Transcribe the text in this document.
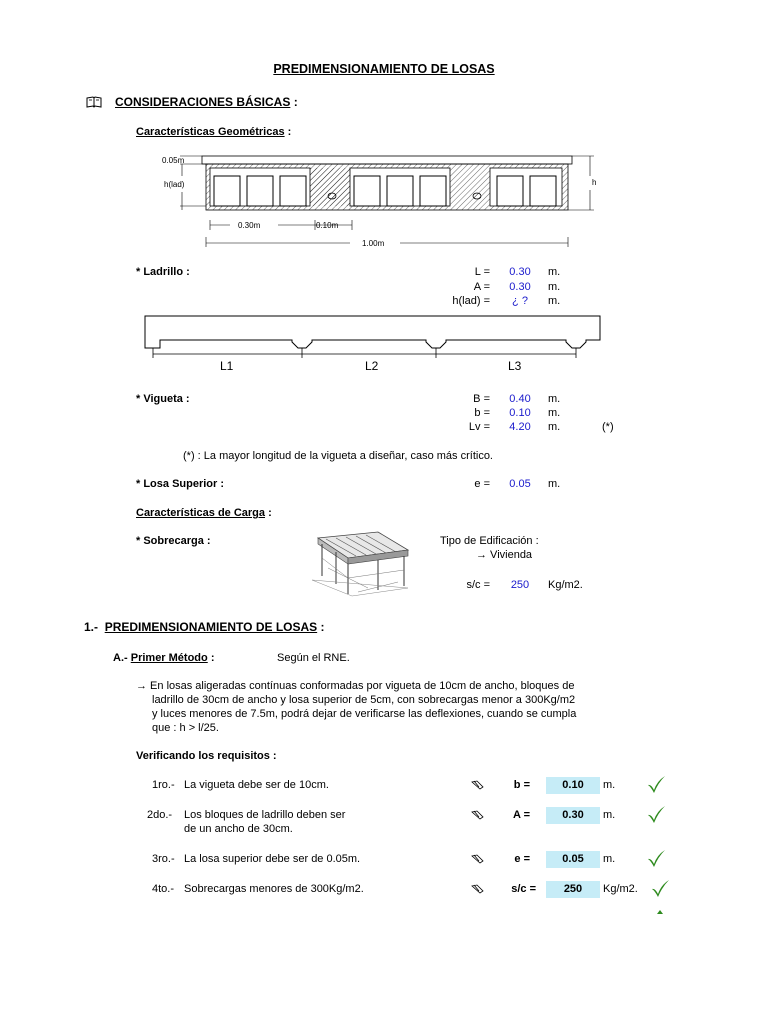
PREDIMENSIONAMIENTO DE LOSAS
CONSIDERACIONES BÁSICAS :
Características Geométricas :
0.05m
h(lad)	h
0.30m	0.10m
1.00m
* Ladrillo :	L =	0.30	m.
A =	0.30	m.
h(lad) =	¿ ?	m.
L1	L2	L3
* Vigueta :	B =	0.40	m.
b =	0.10	m.
Lv =	4.20	m.	(*)
(*) : La mayor longitud de la vigueta a diseñar, caso más crítico.
* Losa Superior :	e =	0.05	m.
Características de Carga :
* Sobrecarga :	Tipo de Edificación :
→ Vivienda
s/c =	250	Kg/m2.
1.- PREDIMENSIONAMIENTO DE LOSAS :
A.- Primer Método :	Según el RNE.
→ En losas aligeradas contínuas conformadas por vigueta de 10cm de ancho, bloques de
ladrillo de 30cm de ancho y losa superior de 5cm, con sobrecargas menor a 300Kg/m2
y luces menores de 7.5m, podrá dejar de verificarse las deflexiones, cuando se cumpla
que : h > l/25.
Verificando los requisitos :
1ro.- La vigueta debe ser de 10cm.	b =	0.10	m.
2do.- Los bloques de ladrillo deben ser
de un ancho de 30cm.
A =	0.30	m.
3ro.- La losa superior debe ser de 0.05m.	e =	0.05	m.
4to.- Sobrecargas menores de 300Kg/m2.	s/c =	250	Kg/m2.
